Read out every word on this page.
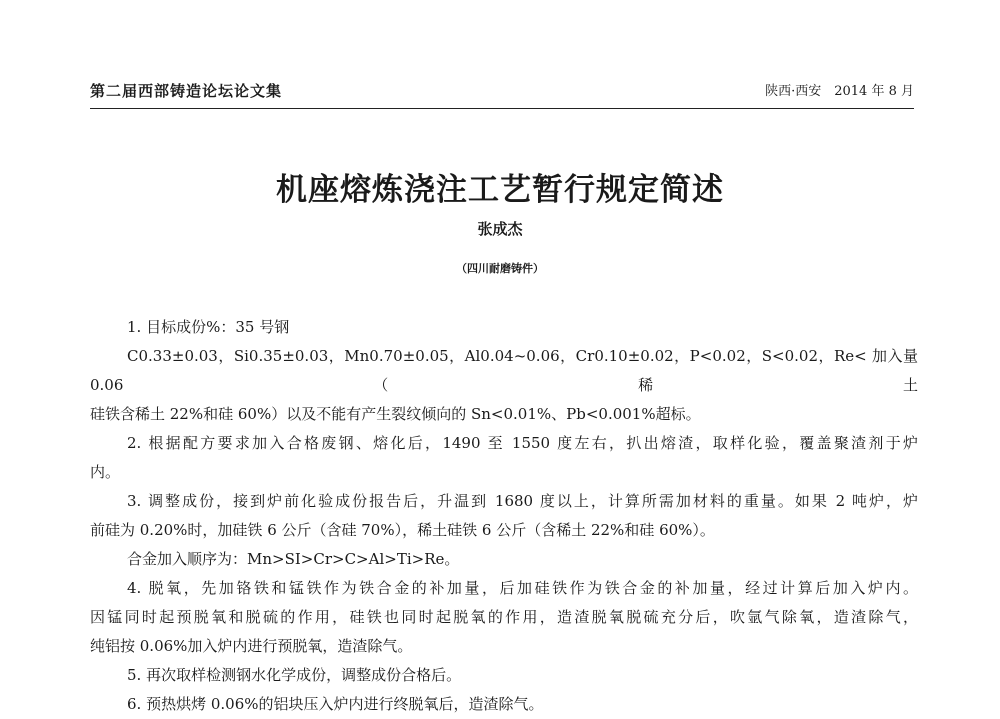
第二届西部铸造论坛论文集	陕西·西安　2014 年 8 月
机座熔炼浇注工艺暂行规定简述
张成杰
（四川耐磨铸件）

1. 目标成份%：35 号钢

C0.33±0.03，Si0.35±0.03，Mn0.70±0.05，Al0.04~0.06，Cr0.10±0.02，P<0.02，S<0.02，Re< 加入量 0.06（稀土

硅铁含稀土 22%和硅 60%）以及不能有产生裂纹倾向的 Sn<0.01%、Pb<0.001%超标。

2. 根据配方要求加入合格废钢、熔化后，1490 至 1550 度左右，扒出熔渣，取样化验，覆盖聚渣剂于炉

内。

3. 调整成份，接到炉前化验成份报告后，升温到 1680 度以上，计算所需加材料的重量。如果 2 吨炉，炉

前硅为 0.20%时，加硅铁 6 公斤（含硅 70%），稀土硅铁 6 公斤（含稀土 22%和硅 60%）。

合金加入顺序为：Mn>SI>Cr>C>Al>Ti>Re。

4. 脱氧，先加铬铁和锰铁作为铁合金的补加量，后加硅铁作为铁合金的补加量，经过计算后加入炉内。

因锰同时起预脱氧和脱硫的作用，硅铁也同时起脱氧的作用，造渣脱氧脱硫充分后，吹氩气除氧，造渣除气，

纯铝按 0.06%加入炉内进行预脱氧，造渣除气。

5. 再次取样检测钢水化学成份，调整成份合格后。

6. 预热烘烤 0.06%的铝块压入炉内进行终脱氧后，造渣除气。
